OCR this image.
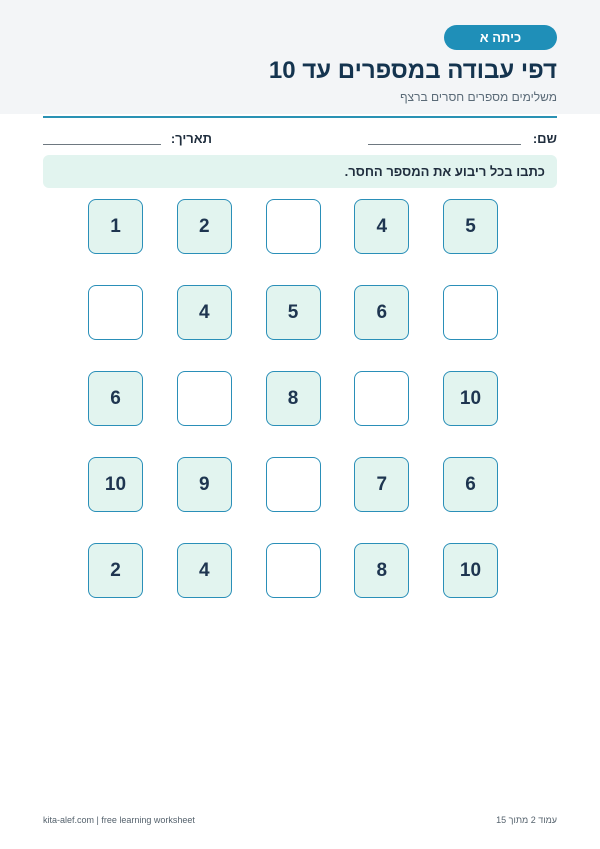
כיתה א
דפי עבודה במספרים עד 10

משלימים מספרים חסרים ברצף

שם:
תאריך:
כתבו בכל ריבוע את המספר החסר.
5
4
2
1
6
5
4
10
8
6
6
7
9
10
10
8
4
2
kita-alef.com | free learning worksheet	עמוד 2 מתוך 15
